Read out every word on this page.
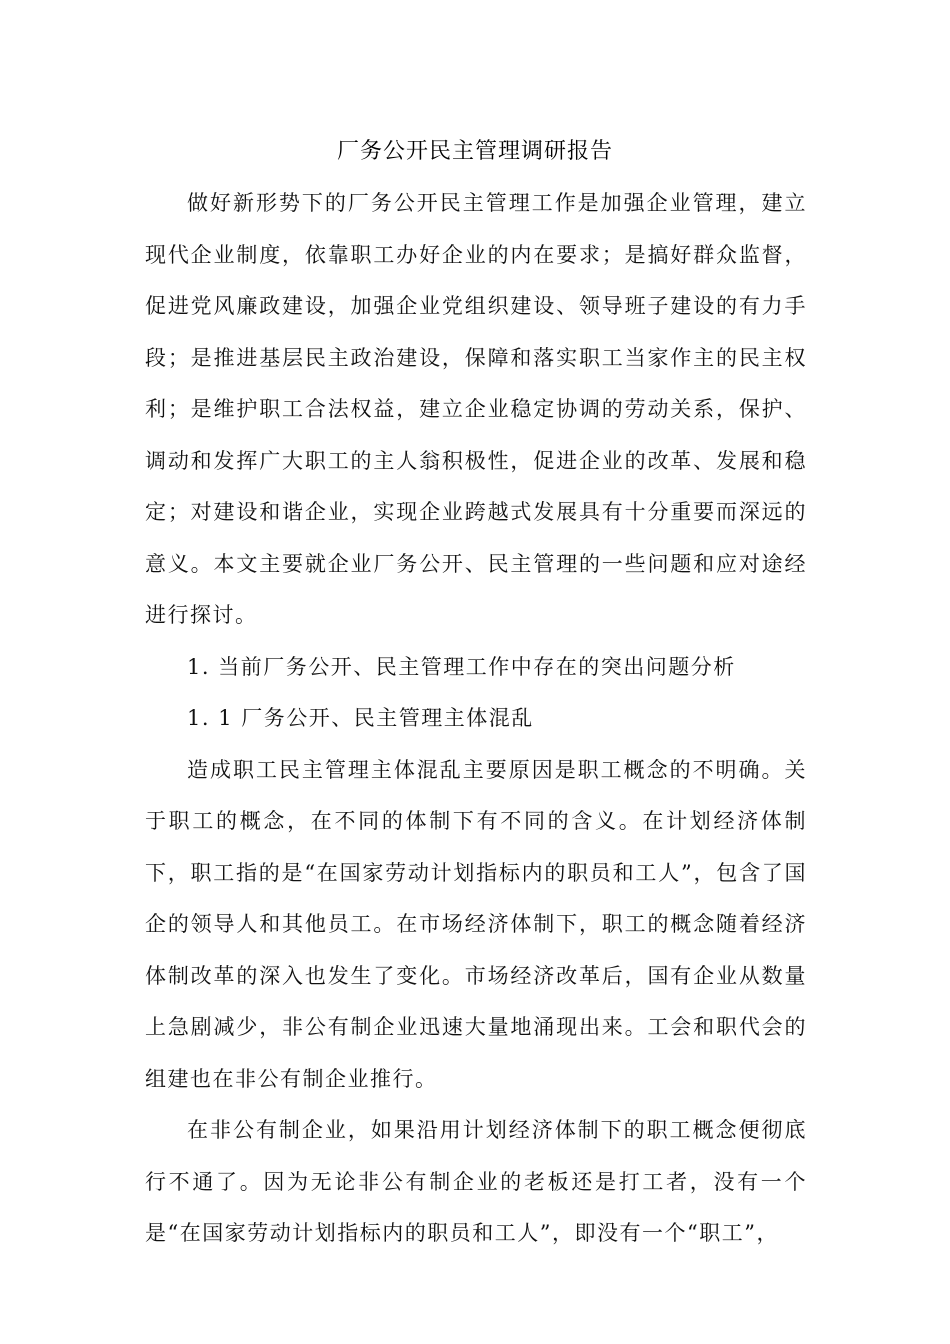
厂务公开民主管理调研报告

做好新形势下的厂务公开民主管理工作是加强企业管理，建立现代企业制度，依靠职工办好企业的内在要求；是搞好群众监督，促进党风廉政建设，加强企业党组织建设、领导班子建设的有力手段；是推进基层民主政治建设，保障和落实职工当家作主的民主权利；是维护职工合法权益，建立企业稳定协调的劳动关系，保护、调动和发挥广大职工的主人翁积极性，促进企业的改革、发展和稳定；对建设和谐企业，实现企业跨越式发展具有十分重要而深远的意义。本文主要就企业厂务公开、民主管理的一些问题和应对途经进行探讨。

1. 当前厂务公开、民主管理工作中存在的突出问题分析

1. 1 厂务公开、民主管理主体混乱

造成职工民主管理主体混乱主要原因是职工概念的不明确。关于职工的概念，在不同的体制下有不同的含义。在计划经济体制下，职工指的是“在国家劳动计划指标内的职员和工人”，包含了国企的领导人和其他员工。在市场经济体制下，职工的概念随着经济体制改革的深入也发生了变化。市场经济改革后，国有企业从数量上急剧减少，非公有制企业迅速大量地涌现出来。工会和职代会的组建也在非公有制企业推行。

在非公有制企业，如果沿用计划经济体制下的职工概念便彻底行不通了。因为无论非公有制企业的老板还是打工者，没有一个是“在国家劳动计划指标内的职员和工人”，即没有一个“职工”，
